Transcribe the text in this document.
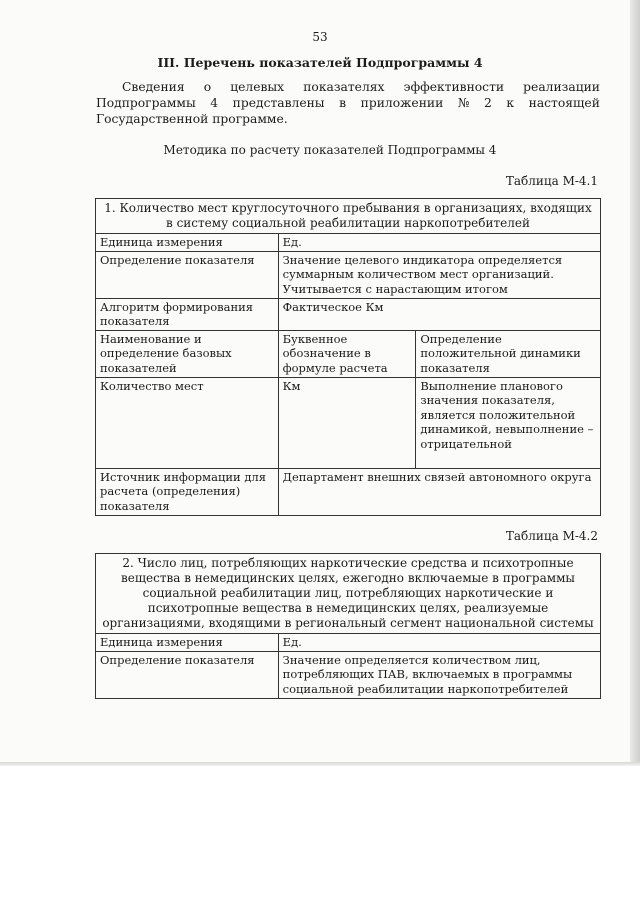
53
III. Перечень показателей Подпрограммы 4
Сведения о целевых показателях эффективности реализации
Подпрограммы 4 представлены в приложении № 2 к настоящей
Государственной программе.
Методика по расчету показателей Подпрограммы 4
Таблица М-4.1
1. Количество мест круглосуточного пребывания в организациях, входящих в систему социальной реабилитации наркопотребителей		
Единица измерения	Ед.	
Определение показателя	Значение целевого индикатора определяется суммарным количеством мест организаций. Учитывается с нарастающим итогом	
Алгоритм формирования показателя	Фактическое Км	
Наименование и определение базовых показателей	Буквенное обозначение в формуле расчета	Определение положительной динамики показателя
Количество мест	Км	Выполнение планового значения показателя, является положительной динамикой, невыполнение – отрицательной
Источник информации для расчета (определения) показателя	Департамент внешних связей автономного округа	
Таблица М-4.2
2. Число лиц, потребляющих наркотические средства и психотропные вещества в немедицинских целях, ежегодно включаемые в программы социальной реабилитации лиц, потребляющих наркотические и психотропные вещества в немедицинских целях, реализуемые организациями, входящими в региональный сегмент национальной системы	
Единица измерения	Ед.
Определение показателя	Значение определяется количеством лиц, потребляющих ПАВ, включаемых в программы социальной реабилитации наркопотребителей
